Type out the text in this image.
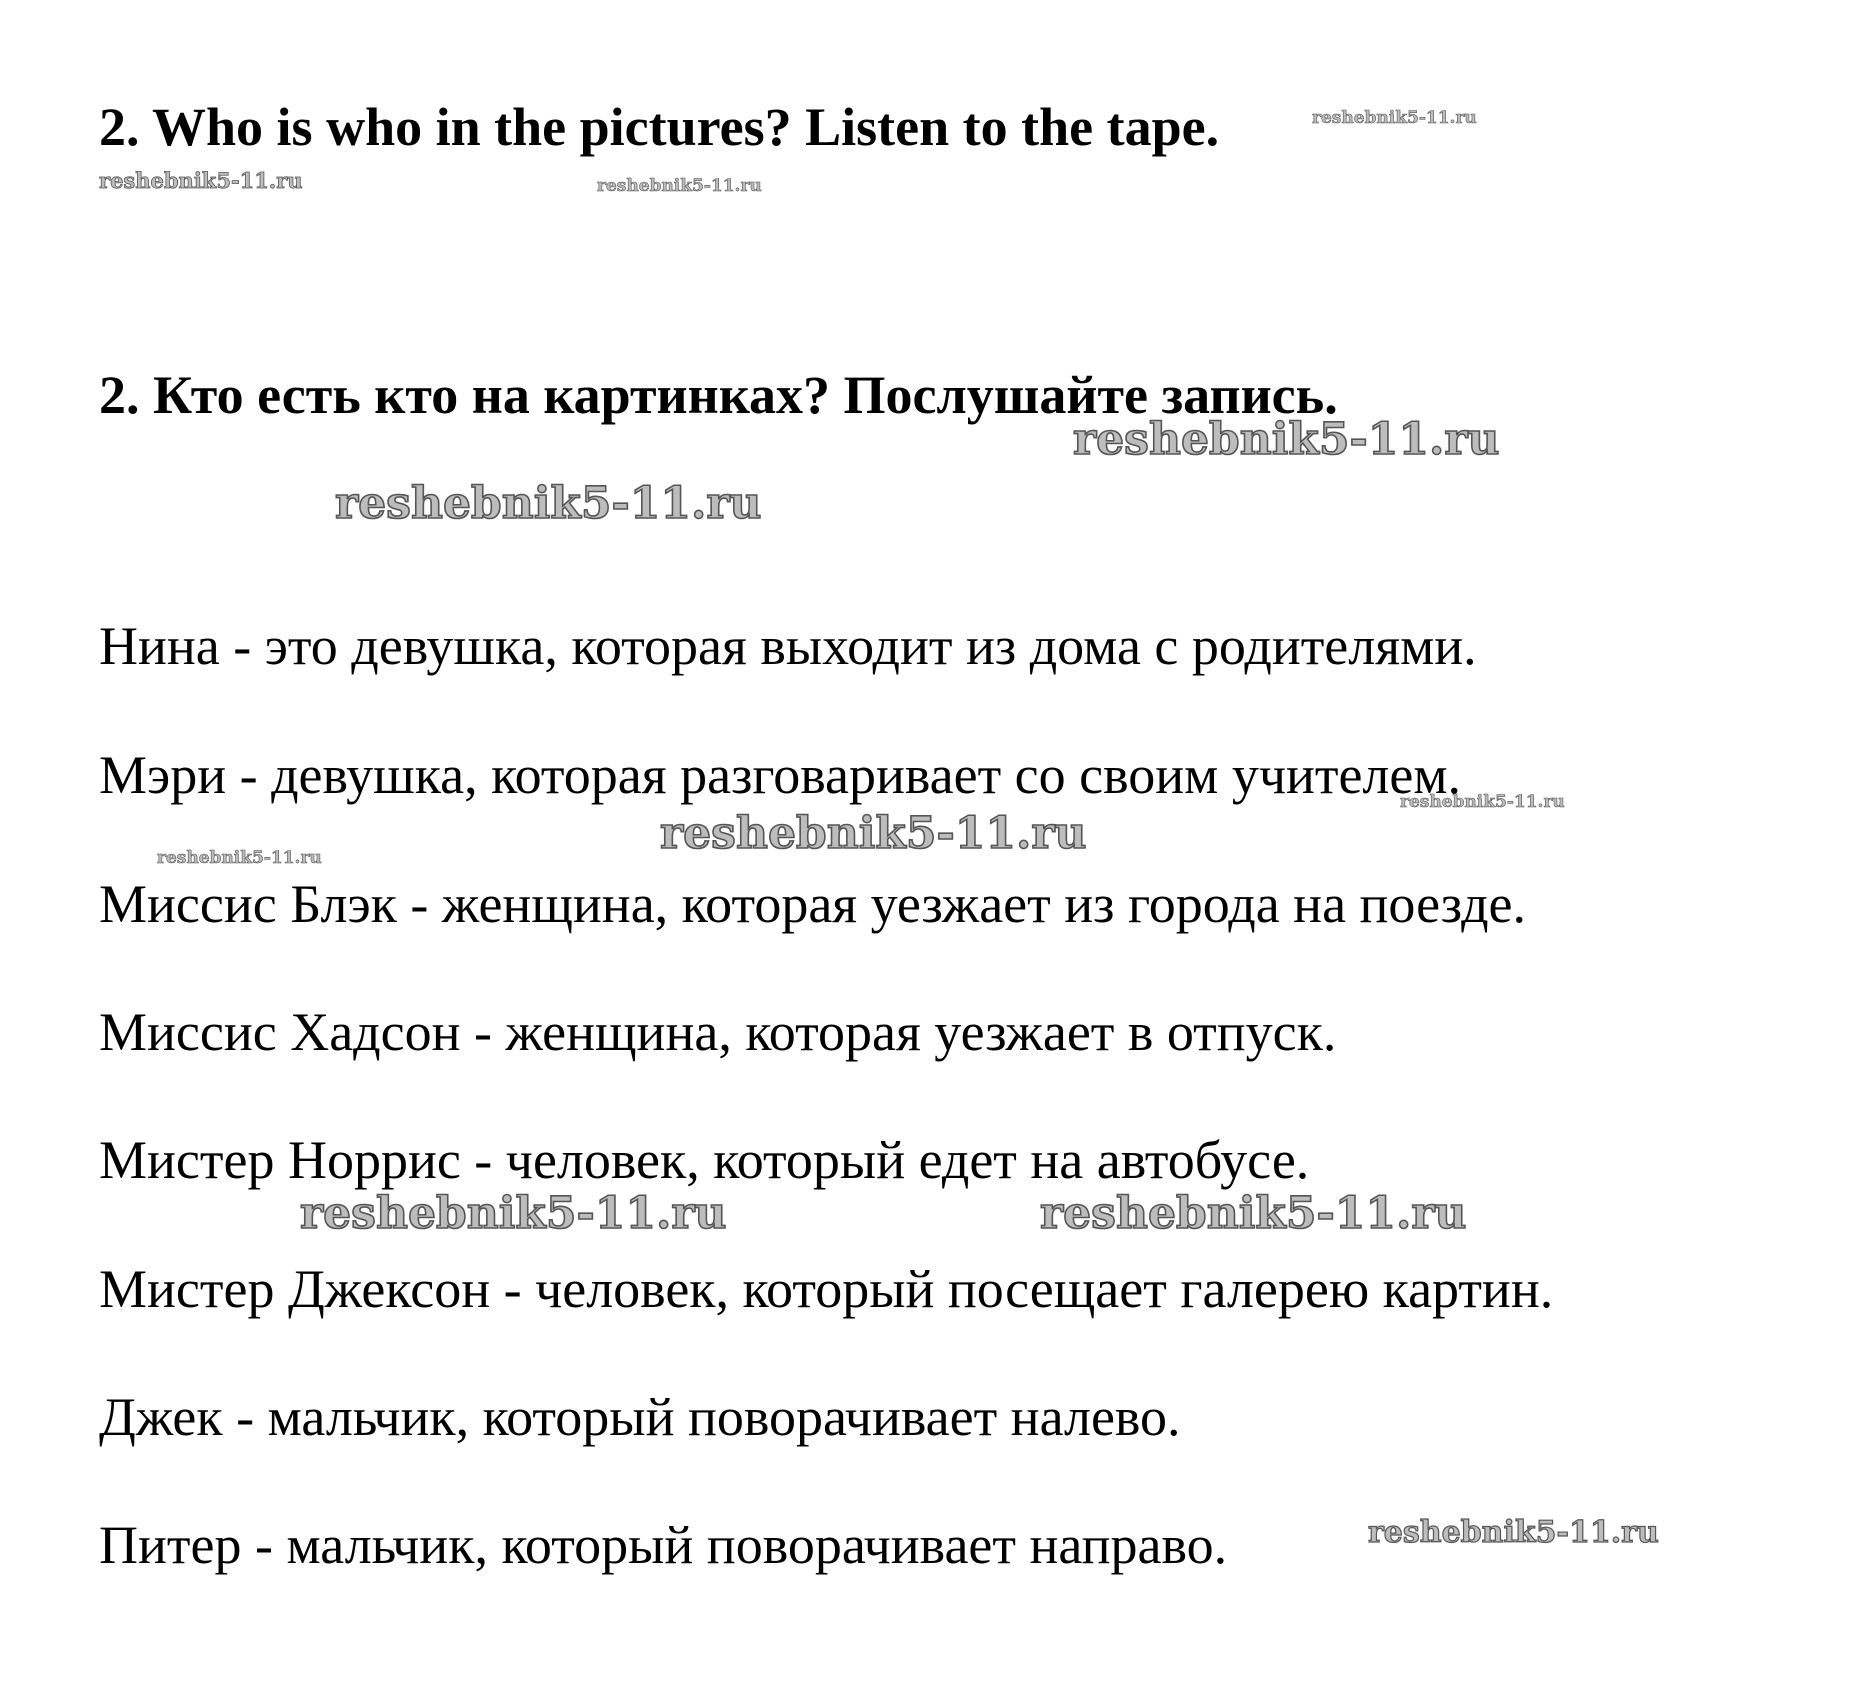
2. Who is who in the pictures? Listen to the tape.
2. Кто есть кто на картинках? Послушайте запись.

Нина - это девушка, которая выходит из дома с родителями.

Мэри - девушка, которая разговаривает со своим учителем.

Миссис Блэк - женщина, которая уезжает из города на поезде.

Миссис Хадсон - женщина, которая уезжает в отпуск.

Мистер Норрис - человек, который едет на автобусе.

Мистер Джексон - человек, который посещает галерею картин.

Джек - мальчик, который поворачивает налево.

Питер - мальчик, который поворачивает направо.

reshebnik5-11.ru
reshebnik5-11.ru	reshebnik5-11.ru
reshebnik5-11.ru
reshebnik5-11.ru
reshebnik5-11.ru
reshebnik5-11.ru
reshebnik5-11.ru
reshebnik5-11.ru	reshebnik5-11.ru
reshebnik5-11.ru
